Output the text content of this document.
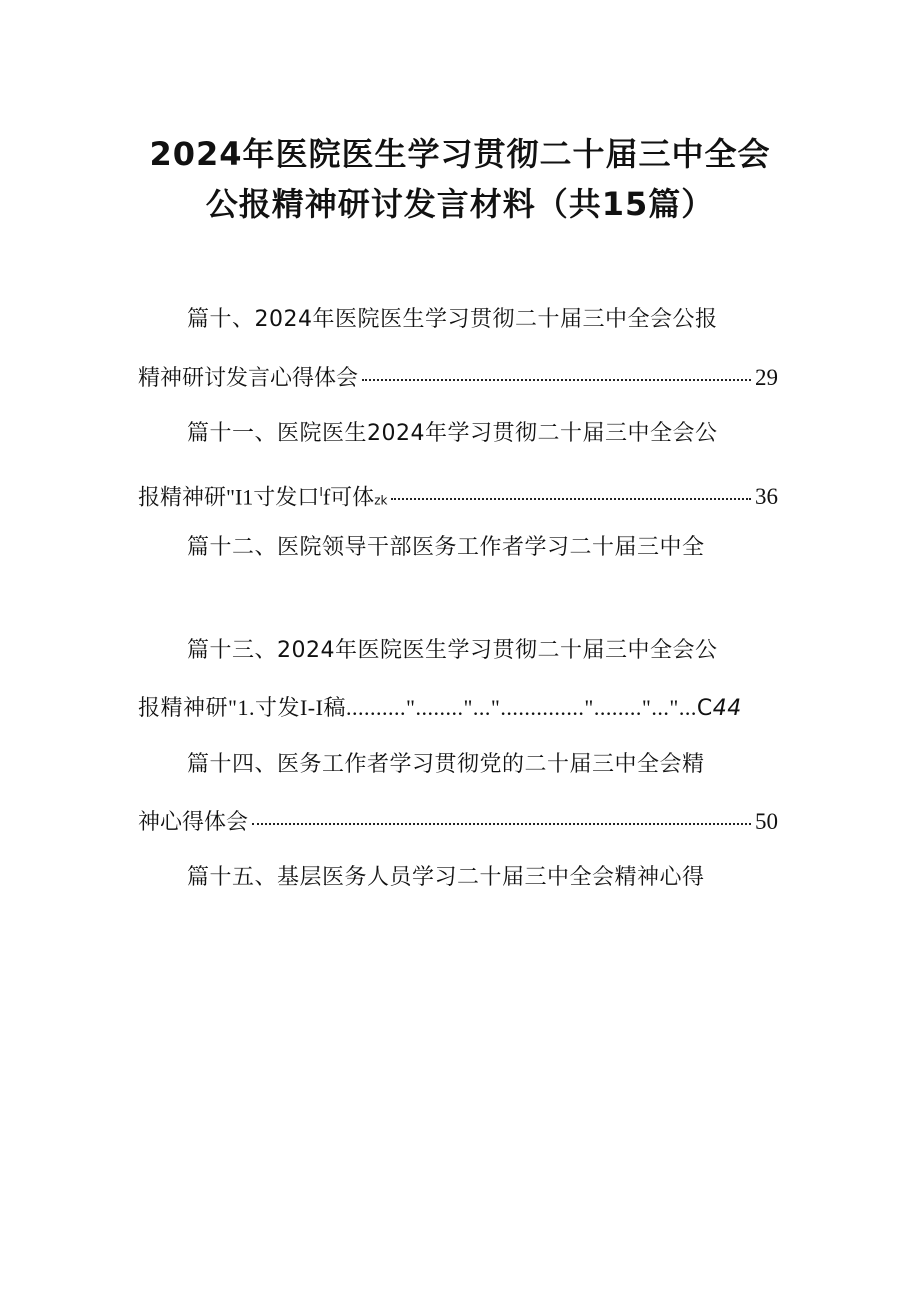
2024年医院医生学习贯彻二十届三中全会
公报精神研讨发言材料（共15篇）
篇十、2024年医院医生学习贯彻二十届三中全会公报
精神研讨发言心得体会	29
篇十一、医院医生2024年学习贯彻二十届三中全会公
报精神研"I1寸发口$^I$f可体zk	36
篇十二、医院领导干部医务工作者学习二十届三中全
篇十三、2024年医院医生学习贯彻二十届三中全会公
报精神研"1.寸发I-I稿.........."........"...".............."........"..."...C44
篇十四、医务工作者学习贯彻党的二十届三中全会精
神心得体会	50
篇十五、基层医务人员学习二十届三中全会精神心得
